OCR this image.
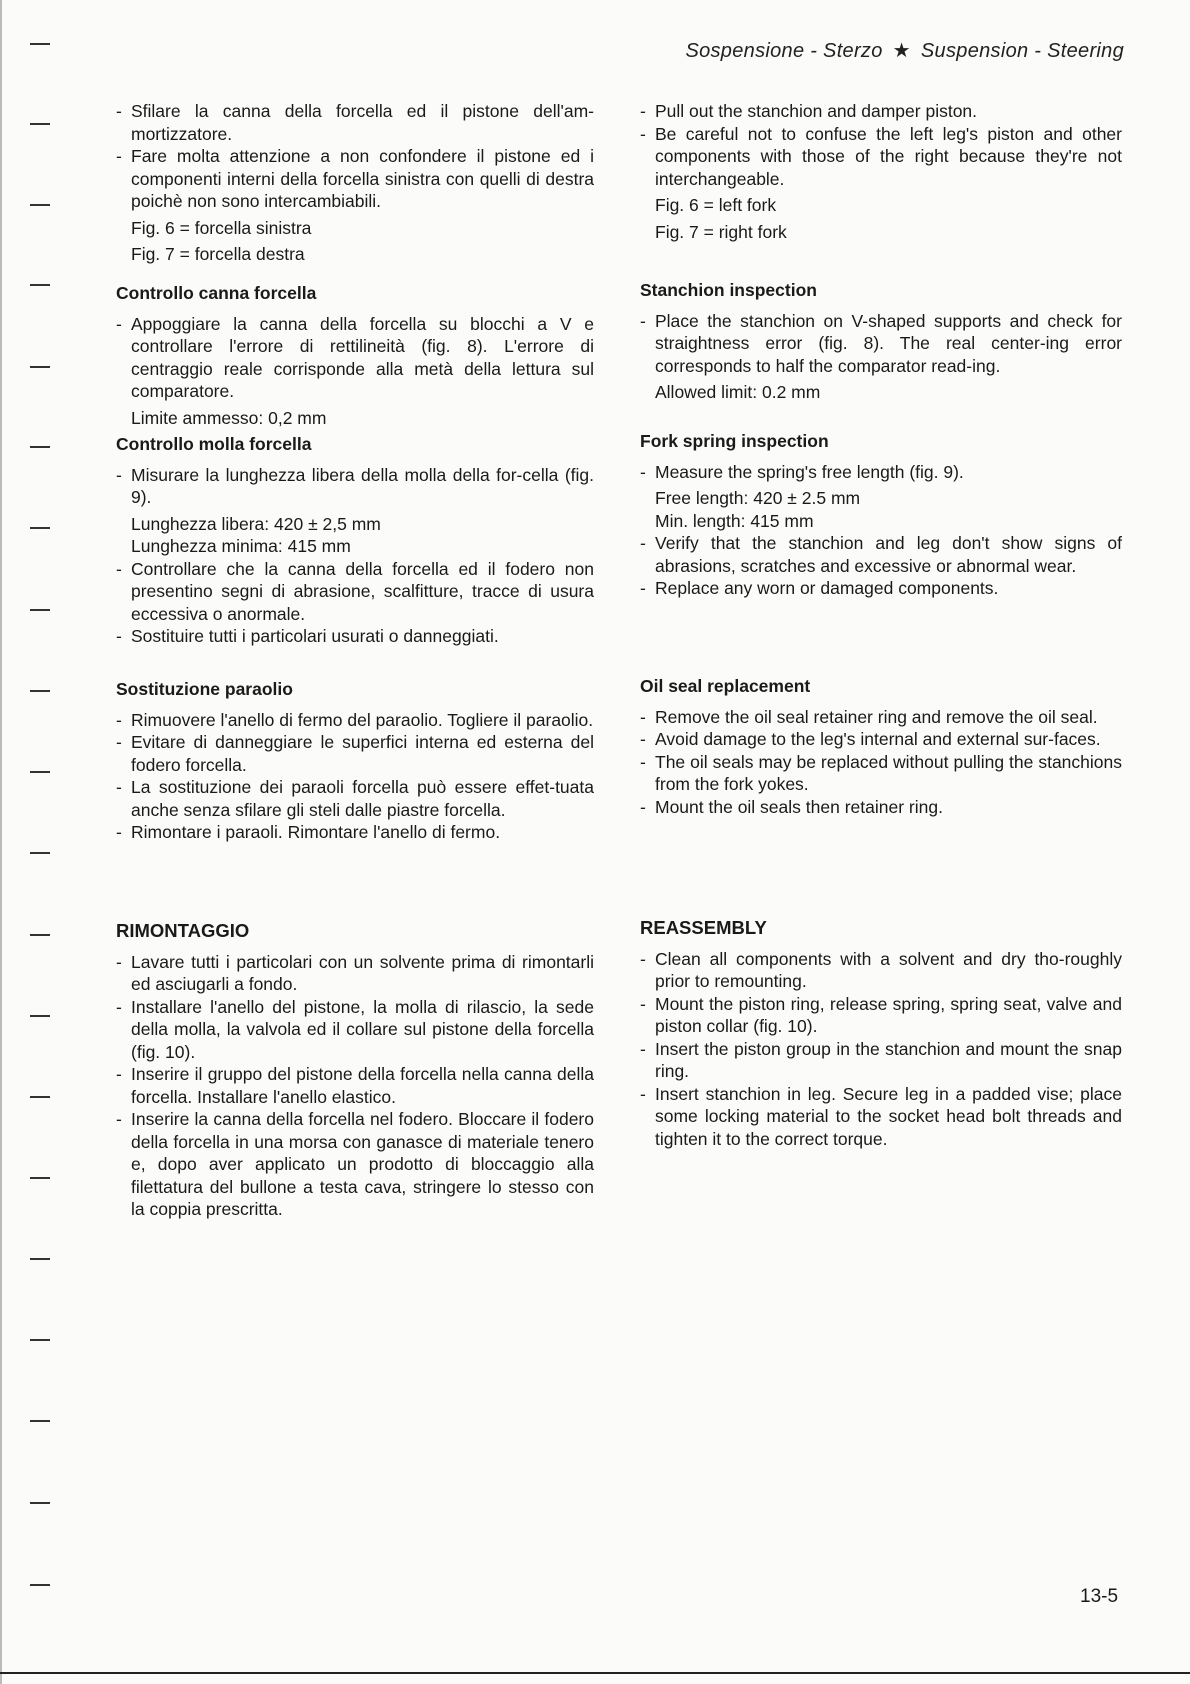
Sospensione - Sterzo ★ Suspension - Steering
- Sfilare la canna della forcella ed il pistone dell'am-mortizzatore.
- Fare molta attenzione a non confondere il pistone ed i componenti interni della forcella sinistra con quelli di destra poichè non sono intercambiabili.
Fig. 6 = forcella sinistra
Fig. 7 = forcella destra
Controllo canna forcella
- Appoggiare la canna della forcella su blocchi a V e controllare l'errore di rettilineità (fig. 8). L'errore di centraggio reale corrisponde alla metà della lettura sul comparatore.
Limite ammesso: 0,2 mm
Controllo molla forcella
- Misurare la lunghezza libera della molla della for-cella (fig. 9).
Lunghezza libera: 420 ± 2,5 mm
Lunghezza minima: 415 mm
- Controllare che la canna della forcella ed il fodero non presentino segni di abrasione, scalfitture, tracce di usura eccessiva o anormale.
- Sostituire tutti i particolari usurati o danneggiati.
Sostituzione paraolio
- Rimuovere l'anello di fermo del paraolio. Togliere il paraolio.
- Evitare di danneggiare le superfici interna ed esterna del fodero forcella.
- La sostituzione dei paraoli forcella può essere effet-tuata anche senza sfilare gli steli dalle piastre forcella.
- Rimontare i paraoli. Rimontare l'anello di fermo.
RIMONTAGGIO
- Lavare tutti i particolari con un solvente prima di rimontarli ed asciugarli a fondo.
- Installare l'anello del pistone, la molla di rilascio, la sede della molla, la valvola ed il collare sul pistone della forcella (fig. 10).
- Inserire il gruppo del pistone della forcella nella canna della forcella. Installare l'anello elastico.
- Inserire la canna della forcella nel fodero. Bloccare il fodero della forcella in una morsa con ganasce di materiale tenero e, dopo aver applicato un prodotto di bloccaggio alla filettatura del bullone a testa cava, stringere lo stesso con la coppia prescritta.
- Pull out the stanchion and damper piston.
- Be careful not to confuse the left leg's piston and other components with those of the right because they're not interchangeable.
Fig. 6 = left fork
Fig. 7 = right fork
Stanchion inspection
- Place the stanchion on V-shaped supports and check for straightness error (fig. 8). The real center-ing error corresponds to half the comparator read-ing.
Allowed limit: 0.2 mm
Fork spring inspection
- Measure the spring's free length (fig. 9).
Free length: 420 ± 2.5 mm
Min. length: 415 mm
- Verify that the stanchion and leg don't show signs of abrasions, scratches and excessive or abnormal wear.
- Replace any worn or damaged components.
Oil seal replacement
- Remove the oil seal retainer ring and remove the oil seal.
- Avoid damage to the leg's internal and external sur-faces.
- The oil seals may be replaced without pulling the stanchions from the fork yokes.
- Mount the oil seals then retainer ring.
REASSEMBLY
- Clean all components with a solvent and dry tho-roughly prior to remounting.
- Mount the piston ring, release spring, spring seat, valve and piston collar (fig. 10).
- Insert the piston group in the stanchion and mount the snap ring.
- Insert stanchion in leg. Secure leg in a padded vise; place some locking material to the socket head bolt threads and tighten it to the correct torque.
13-5
